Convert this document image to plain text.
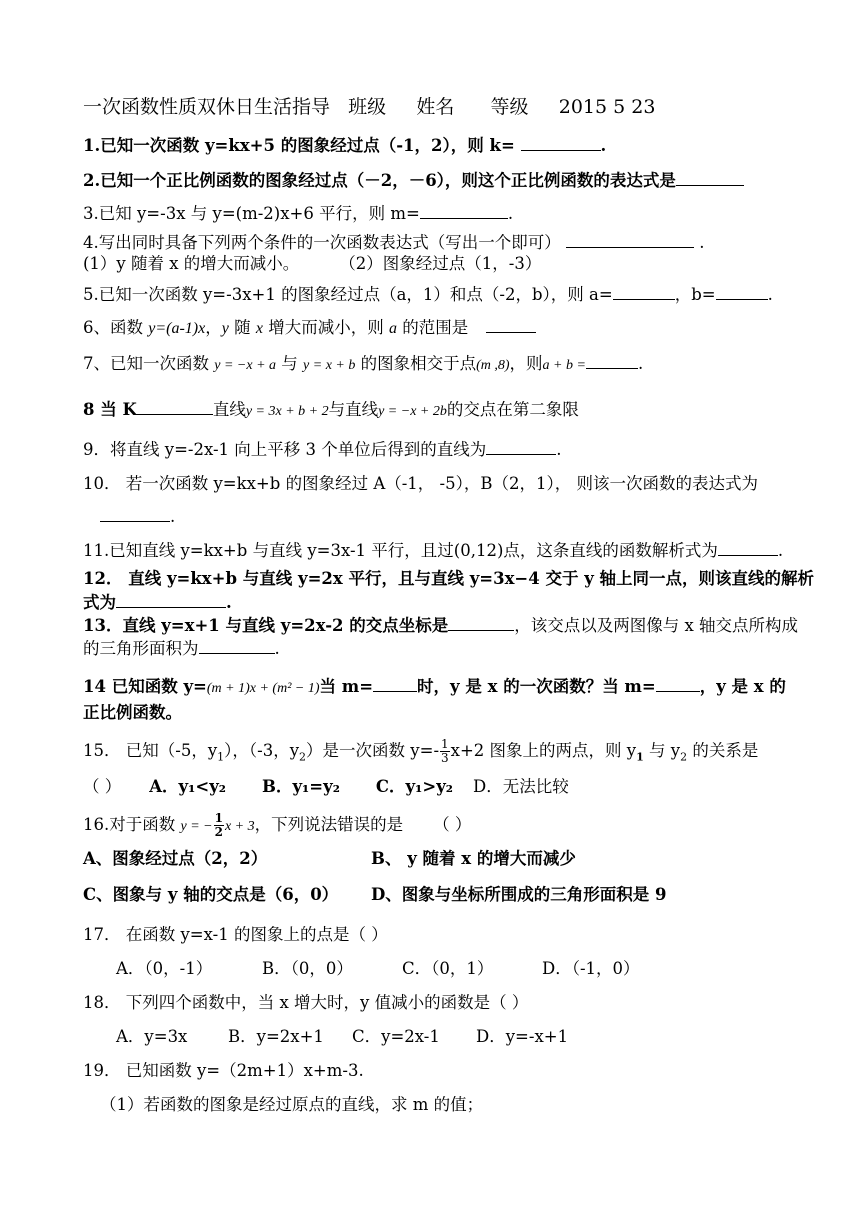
一次函数性质双休日生活指导   班级     姓名      等级     2015 5 23
1.已知一次函数 y=kx+5 的图象经过点（-1，2），则 k=	.
2.已知一个正比例函数的图象经过点（－2，－6），则这个正比例函数的表达式是
3.已知 y=-3x 与 y=(m-2)x+6 平行，则 m=	.
4.写出同时具备下列两个条件的一次函数表达式（写出一个即可）	.
(1）y 随着 x 的增大而减小。 （2）图象经过点（1，-3）
5.已知一次函数 y=-3x+1 的图象经过点（a，1）和点（-2，b），则 a=	，b=	.
6、函数 y=(a-1)x，y 随 x 增大而减小，则 a 的范围是
7、已知一次函数 y = −x + a 与 y = x + b 的图象相交于点(m ,8)，则a + b =	.
8 当 K	直线y = 3x + b + 2与直线y = −x + 2b的交点在第二象限
9．将直线 y=-2x-1 向上平移 3 个单位后得到的直线为	.
10． 若一次函数 y=kx+b 的图象经过 A（-1， -5），B（2，1）， 则该一次函数的表达式为
.
11.已知直线 y=kx+b 与直线 y=3x-1 平行，且过(0,12)点，这条直线的函数解析式为	.
12． 直线 y=kx+b 与直线 y=2x 平行，且与直线 y=3x−4 交于 y 轴上同一点，则该直线的解析
式为	.
13．直线 y=x+1 与直线 y=2x-2 的交点坐标是	，该交点以及两图像与 x 轴交点所构成
的三角形面积为	.
14 已知函数 y=(m + 1)x + (m² − 1)当 m=	时，y 是 x 的一次函数？当 m=	，y 是 x 的
正比例函数。
15． 已知（-5，$y_1$），（-3，$y_2$）是一次函数 $y=- \frac{1}{3} x+2$ 图象上的两点，则 $y_1$ 与 $y_2$ 的关系是
（ ） A．y₁<y₂ B．y₁=y₂ C．y₁>y₂ D．无法比较
16.对于函数 y = − $\frac{1}{2}$ x + 3，下列说法错误的是 （ ）
A、图象经过点（2，2）	B、 y 随着 x 的增大而减少
C、图象与 y 轴的交点是（6，0） D、图象与坐标所围成的三角形面积是 9
17． 在函数 y=x-1 的图象上的点是（ ）
A．（0，-1）	B．（0，0）	C．（0，1）	D．（-1，0）
18． 下列四个函数中，当 x 增大时，y 值减小的函数是（ ）
A．y=3x B．y=2x+1 C．y=2x-1 D．y=-x+1
19． 已知函数 y=（2m+1）x+m-3.
（1）若函数的图象是经过原点的直线，求 m 的值；
